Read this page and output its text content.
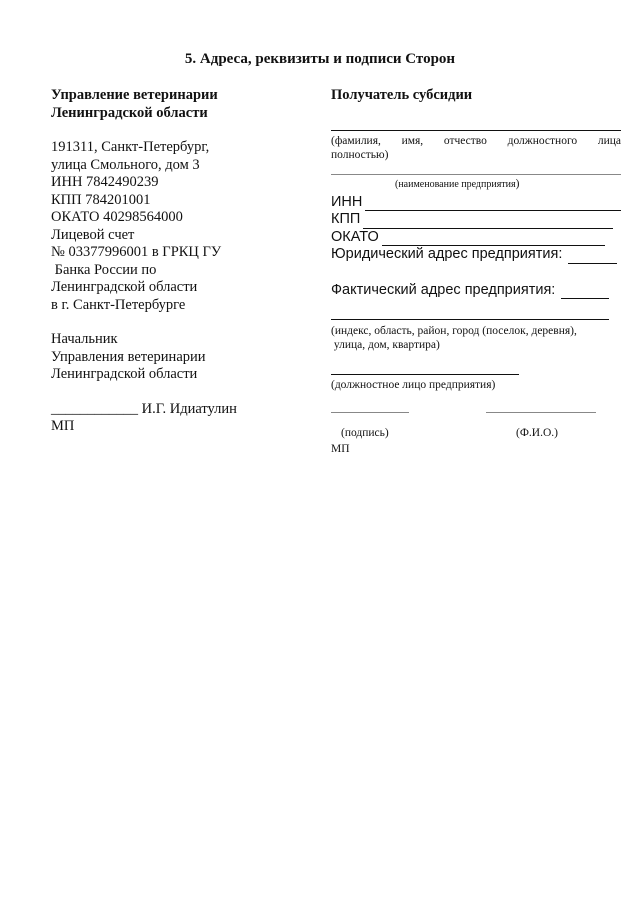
5. Адреса, реквизиты и подписи Сторон
Управление ветеринарии
Ленинградской области
191311, Санкт-Петербург,
улица Смольного, дом 3
ИНН 7842490239
КПП 784201001
ОКАТО 40298564000
Лицевой счет
№ 03377996001 в ГРКЦ ГУ
Банка России по
Ленинградской области
в г. Санкт-Петербурге
Начальник
Управления ветеринарии
Ленинградской области
____________ И.Г. Идиатулин
МП
Получатель субсидии
(фамилия, имя, отчество должностного лица
полностью)
(наименование предприятия)
ИНН
КПП
ОКАТО
Юридический адрес предприятия:
Фактический адрес предприятия:
(индекс, область, район, город (поселок, деревня),
улица, дом, квартира)
(должностное лицо предприятия)
(подпись)	(Ф.И.О.)
МП
